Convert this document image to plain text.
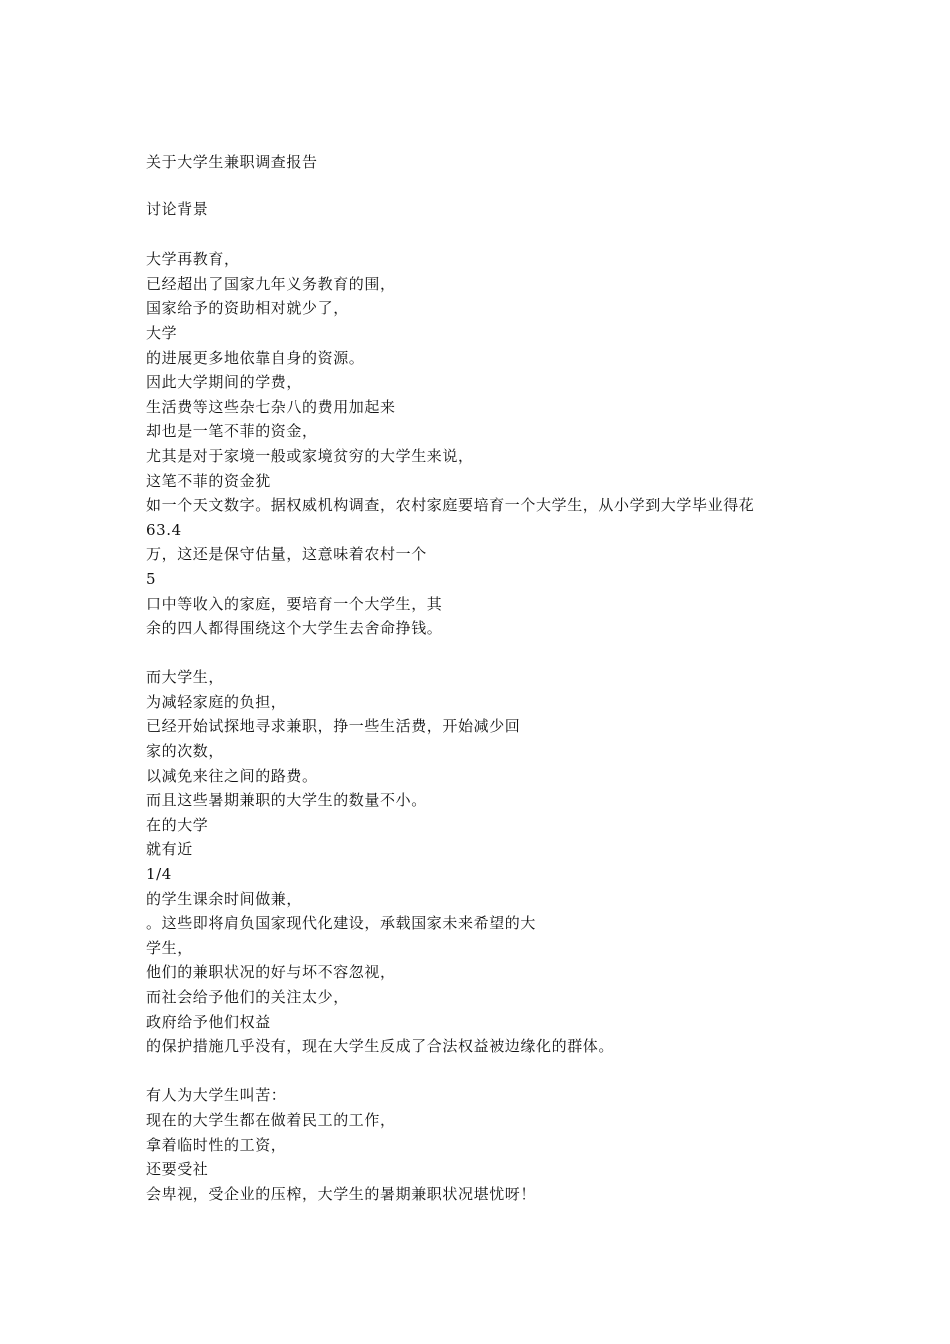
关于大学生兼职调查报告
讨论背景
大学再教育，
已经超出了国家九年义务教育的围，
国家给予的资助相对就少了，
大学
的进展更多地依靠自身的资源。
因此大学期间的学费，
生活费等这些杂七杂八的费用加起来
却也是一笔不菲的资金，
尤其是对于家境一般或家境贫穷的大学生来说，
这笔不菲的资金犹
如一个天文数字。据权威机构调查，农村家庭要培育一个大学生，从小学到大学毕业得花
63.4
万，这还是保守估量，这意味着农村一个
5
口中等收入的家庭，要培育一个大学生，其
余的四人都得围绕这个大学生去舍命挣钱。
而大学生，
为减轻家庭的负担，
已经开始试探地寻求兼职，挣一些生活费，开始减少回
家的次数，
以减免来往之间的路费。
而且这些暑期兼职的大学生的数量不小。
在的大学
就有近
1/4
的学生课余时间做兼，
。这些即将肩负国家现代化建设，承载国家未来希望的大
学生，
他们的兼职状况的好与坏不容忽视，
而社会给予他们的关注太少，
政府给予他们权益
的保护措施几乎没有，现在大学生反成了合法权益被边缘化的群体。
有人为大学生叫苦：
现在的大学生都在做着民工的工作，
拿着临时性的工资，
还要受社
会卑视，受企业的压榨，大学生的暑期兼职状况堪忧呀！
